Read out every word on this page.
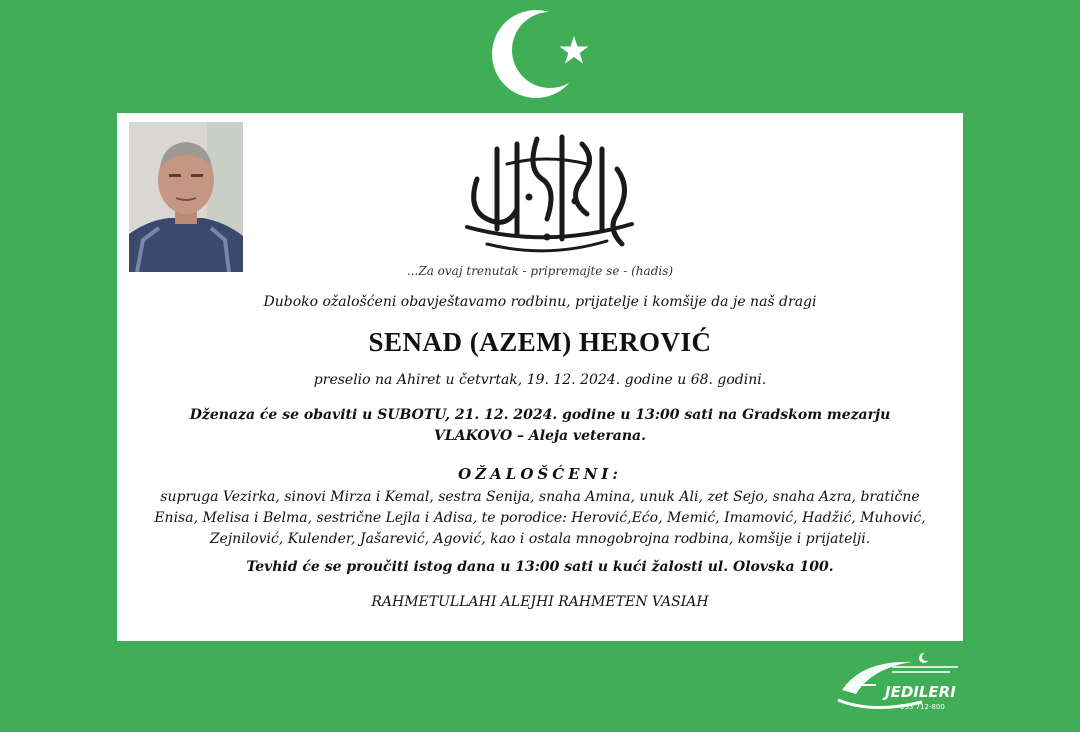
...Za ovaj trenutak - pripremajte se - (hadis)
Duboko ožalošćeni obavještavamo rodbinu, prijatelje i komšije da je naš dragi
SENAD (AZEM) HEROVIĆ
preselio na Ahiret u četvrtak, 19. 12. 2024. godine u 68. godini.
Dženaza će se obaviti u SUBOTU, 21. 12. 2024. godine u 13:00 sati na Gradskom mezarju
VLAKOVO – Aleja veterana.
OŽALOŠĆENI:
supruga Vezirka, sinovi Mirza i Kemal, sestra Senija, snaha Amina, unuk Ali, zet Sejo, snaha Azra, bratične
Enisa, Melisa i Belma, sestrične Lejla i Adisa, te porodice: Herović,Ećo, Memić, Imamović, Hadžić, Muhović,
Zejnilović, Kulender, Jašarević, Agović, kao i ostala mnogobrojna rodbina, komšije i prijatelji.
Tevhid će se proučiti istog dana u 13:00 sati u kući žalosti ul. Olovska 100.
RAHMETULLAHI ALEJHI RAHMETEN VASIAH
JEDILERI
033 712-800
